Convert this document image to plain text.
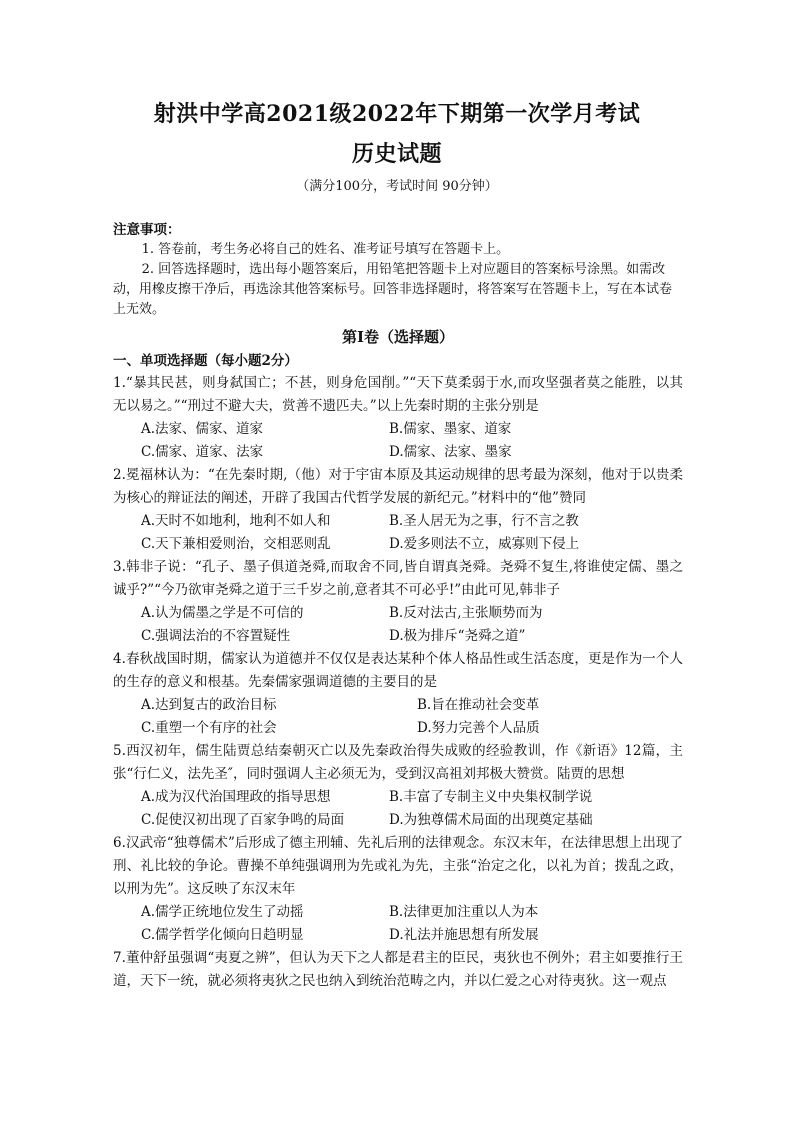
射洪中学高2021级2022年下期第一次学月考试
历史试题
（满分100分，考试时间 90分钟）
注意事项：

1. 答卷前，考生务必将自己的姓名、准考证号填写在答题卡上。

2. 回答选择题时，选出每小题答案后，用铅笔把答题卡上对应题目的答案标号涂黑。如需改动，用橡皮擦干净后，再选涂其他答案标号。回答非选择题时，将答案写在答题卡上，写在本试卷上无效。

第Ⅰ卷（选择题）
一、单项选择题（每小题2分）

1.“暴其民甚，则身弑国亡；不甚，则身危国削。”“天下莫柔弱于水,而攻坚强者莫之能胜，以其无以易之。”“刑过不避大夫，赏善不遗匹夫。”以上先秦时期的主张分别是

A.法家、儒家、道家	B.儒家、墨家、道家
C.儒家、道家、法家	D.儒家、法家、墨家

2.冕福林认为：“在先秦时期,（他）对于宇宙本原及其运动规律的思考最为深刻，他对于以贵柔为核心的辩证法的阐述，开辟了我国古代哲学发展的新纪元。”材料中的“他”赞同

A.天时不如地利，地利不如人和	B.圣人居无为之事，行不言之教
C.天下兼相爱则治，交相恶则乱	D.爱多则法不立，威寡则下侵上

3.韩非子说：“孔子、墨子俱道尧舜,而取舍不同,皆自谓真尧舜。尧舜不复生,将谁使定儒、墨之诚乎?”“今乃欲审尧舜之道于三千岁之前,意者其不可必乎!”由此可见,韩非子

A.认为儒墨之学是不可信的	B.反对法古,主张顺势而为
C.强调法治的不容置疑性	D.极为排斥“尧舜之道”

4.春秋战国时期，儒家认为道德并不仅仅是表达某种个体人格品性或生活态度，更是作为一个人的生存的意义和根基。先秦儒家强调道德的主要目的是

A.达到复古的政治目标	B.旨在推动社会变革
C.重塑一个有序的社会	D.努力完善个人品质

5.西汉初年，儒生陆贾总结秦朝灭亡以及先秦政治得失成败的经验教训，作《新语》12篇，主张“行仁义，法先圣″，同时强调人主必须无为，受到汉高祖刘邦极大赞赏。陆贾的思想

A.成为汉代治国理政的指导思想	B.丰富了专制主义中央集权制学说
C.促使汉初出现了百家争鸣的局面	D.为独尊儒术局面的出现奠定基础

6.汉武帝“独尊儒术”后形成了德主刑辅、先礼后刑的法律观念。东汉末年，在法律思想上出现了刑、礼比较的争论。曹操不单纯强调刑为先或礼为先，主张“治定之化，以礼为首；拨乱之政，以刑为先”。这反映了东汉末年

A.儒学正统地位发生了动摇	B.法律更加注重以人为本
C.儒学哲学化倾向日趋明显	D.礼法并施思想有所发展

7.董仲舒虽强调“夷夏之辨”，但认为天下之人都是君主的臣民，夷狄也不例外；君主如要推行王道，天下一统，就必须将夷狄之民也纳入到统治范畴之内，并以仁爱之心对待夷狄。这一观点
